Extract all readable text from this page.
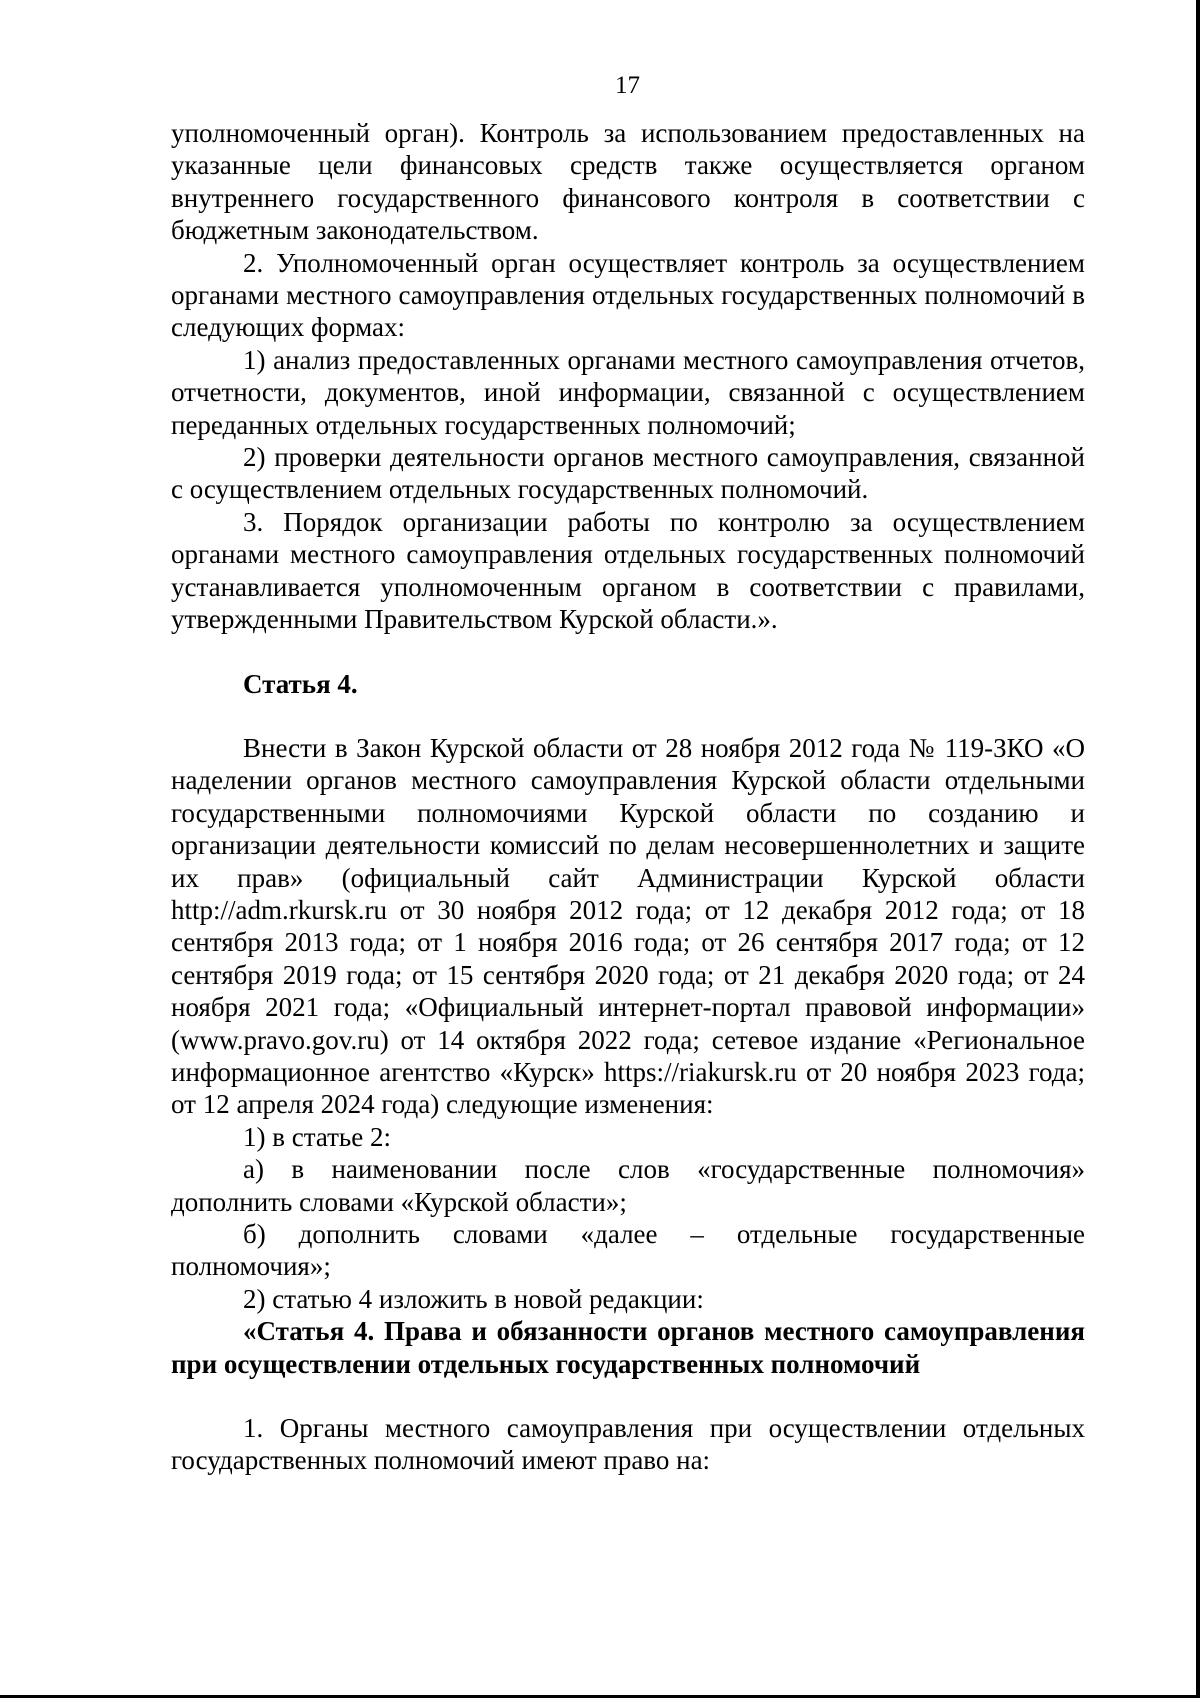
17

уполномоченный орган). Контроль за использованием предоставленных на указанные цели финансовых средств также осуществляется органом внутреннего государственного финансового контроля в соответствии с бюджетным законодательством.

2. Уполномоченный орган осуществляет контроль за осуществлением органами местного самоуправления отдельных государственных полномочий в следующих формах:

1) анализ предоставленных органами местного самоуправления отчетов, отчетности, документов, иной информации, связанной с осуществлением переданных отдельных государственных полномочий;

2) проверки деятельности органов местного самоуправления, связанной с осуществлением отдельных государственных полномочий.

3. Порядок организации работы по контролю за осуществлением органами местного самоуправления отдельных государственных полномочий устанавливается уполномоченным органом в соответствии с правилами, утвержденными Правительством Курской области.».

Статья 4.

Внести в Закон Курской области от 28 ноября 2012 года № 119-ЗКО «О наделении органов местного самоуправления Курской области отдельными государственными полномочиями Курской области по созданию и организации деятельности комиссий по делам несовершеннолетних и защите их прав» (официальный сайт Администрации Курской области http://adm.rkursk.ru от 30 ноября 2012 года; от 12 декабря 2012 года; от 18 сентября 2013 года; от 1 ноября 2016 года; от 26 сентября 2017 года; от 12 сентября 2019 года; от 15 сентября 2020 года; от 21 декабря 2020 года; от 24 ноября 2021 года; «Официальный интернет-портал правовой информации» (www.pravo.gov.ru) от 14 октября 2022 года; сетевое издание «Региональное информационное агентство «Курск» https://riakursk.ru от 20 ноября 2023 года; от 12 апреля 2024 года) следующие изменения:

1) в статье 2:

а) в наименовании после слов «государственные полномочия» дополнить словами «Курской области»;

б) дополнить словами «далее – отдельные государственные полномочия»;

2) статью 4 изложить в новой редакции:

«Статья 4. Права и обязанности органов местного самоуправления при осуществлении отдельных государственных полномочий

1. Органы местного самоуправления при осуществлении отдельных государственных полномочий имеют право на:
